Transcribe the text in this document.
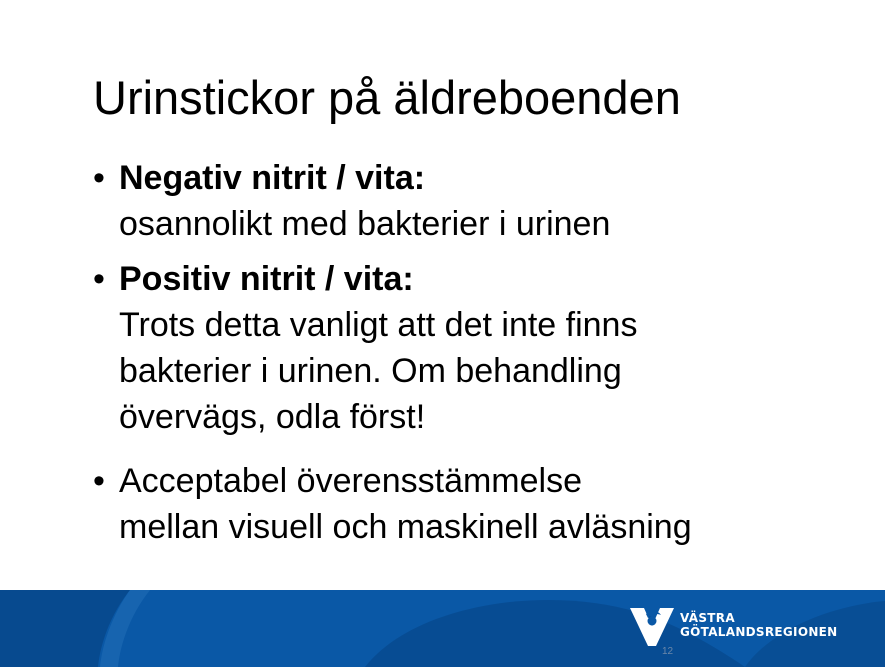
Urinstickor på äldreboenden
• Negativ nitrit / vita:
osannolikt med bakterier i urinen
• Positiv nitrit / vita:
Trots detta vanligt att det inte finns
bakterier i urinen. Om behandling
övervägs, odla först!
• Acceptabel överensstämmelse
mellan visuell och maskinell avläsning
VÄSTRA
GÖTALANDSREGIONEN
12
